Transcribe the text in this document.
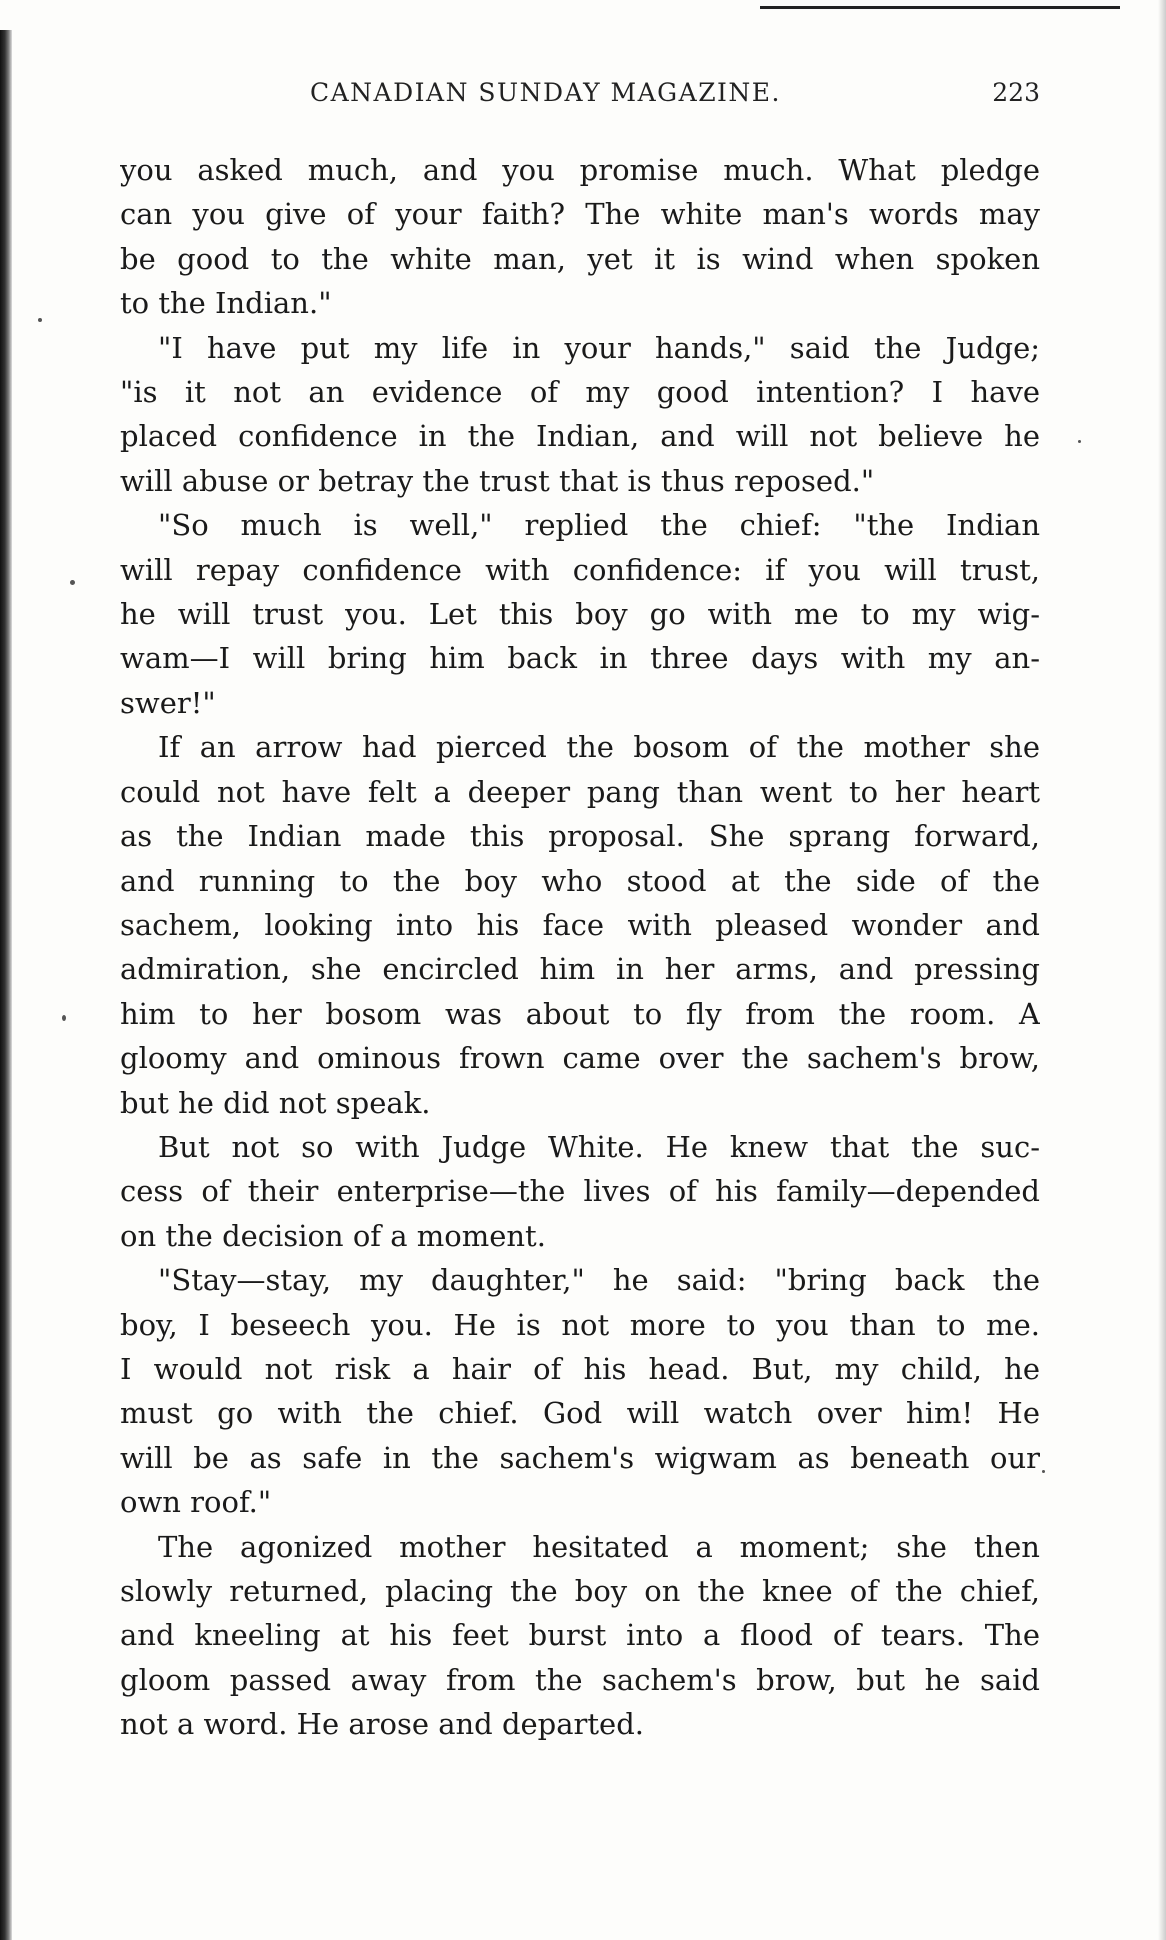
CANADIAN SUNDAY MAGAZINE.	223
you asked much, and you promise much. What pledge
can you give of your faith? The white man's words may
be good to the white man, yet it is wind when spoken
to the Indian."
"I have put my life in your hands," said the Judge;
"is it not an evidence of my good intention? I have
placed confidence in the Indian, and will not believe he
will abuse or betray the trust that is thus reposed."
"So much is well," replied the chief: "the Indian
will repay confidence with confidence: if you will trust,
he will trust you. Let this boy go with me to my wig-
wam—I will bring him back in three days with my an-
swer!"
If an arrow had pierced the bosom of the mother she
could not have felt a deeper pang than went to her heart
as the Indian made this proposal. She sprang forward,
and running to the boy who stood at the side of the
sachem, looking into his face with pleased wonder and
admiration, she encircled him in her arms, and pressing
him to her bosom was about to fly from the room. A
gloomy and ominous frown came over the sachem's brow,
but he did not speak.
But not so with Judge White. He knew that the suc-
cess of their enterprise—the lives of his family—depended
on the decision of a moment.
"Stay—stay, my daughter," he said: "bring back the
boy, I beseech you. He is not more to you than to me.
I would not risk a hair of his head. But, my child, he
must go with the chief. God will watch over him! He
will be as safe in the sachem's wigwam as beneath our
own roof."
The agonized mother hesitated a moment; she then
slowly returned, placing the boy on the knee of the chief,
and kneeling at his feet burst into a flood of tears. The
gloom passed away from the sachem's brow, but he said
not a word. He arose and departed.
